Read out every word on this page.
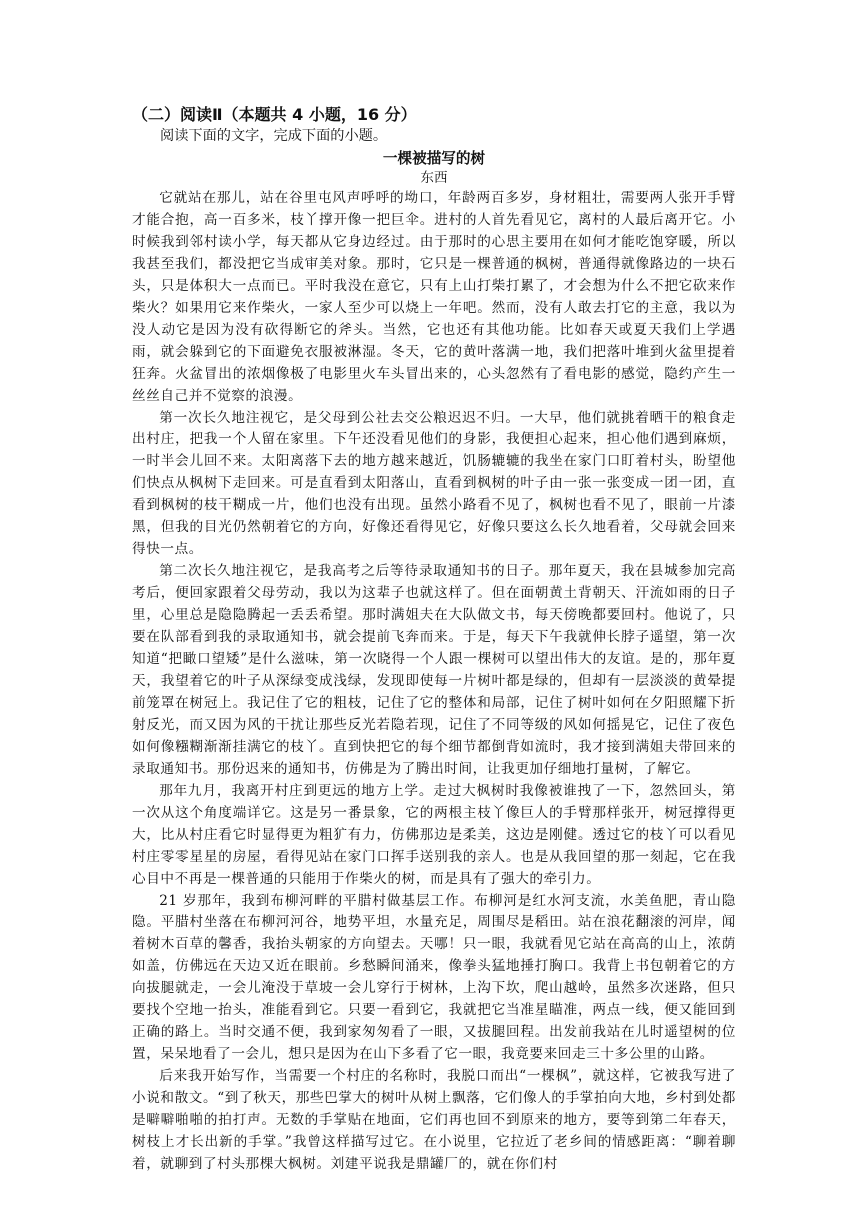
（二）阅读Ⅱ（本题共 4 小题，16 分）

阅读下面的文字，完成下面的小题。

一棵被描写的树

东西

它就站在那儿，站在谷里屯风声呼呼的坳口，年龄两百多岁，身材粗壮，需要两人张开手臂才能合抱，高一百多米，枝丫撑开像一把巨伞。进村的人首先看见它，离村的人最后离开它。小时候我到邻村读小学，每天都从它身边经过。由于那时的心思主要用在如何才能吃饱穿暖，所以我甚至我们，都没把它当成审美对象。那时，它只是一棵普通的枫树，普通得就像路边的一块石头，只是体积大一点而已。平时我没在意它，只有上山打柴打累了，才会想为什么不把它砍来作柴火？如果用它来作柴火，一家人至少可以烧上一年吧。然而，没有人敢去打它的主意，我以为没人动它是因为没有砍得断它的斧头。当然，它也还有其他功能。比如春天或夏天我们上学遇雨，就会躲到它的下面避免衣服被淋湿。冬天，它的黄叶落满一地，我们把落叶堆到火盆里提着狂奔。火盆冒出的浓烟像极了电影里火车头冒出来的，心头忽然有了看电影的感觉，隐约产生一丝丝自己并不觉察的浪漫。

第一次长久地注视它，是父母到公社去交公粮迟迟不归。一大早，他们就挑着晒干的粮食走出村庄，把我一个人留在家里。下午还没看见他们的身影，我便担心起来，担心他们遇到麻烦，一时半会儿回不来。太阳离落下去的地方越来越近，饥肠辘辘的我坐在家门口盯着村头，盼望他们快点从枫树下走回来。可是直看到太阳落山，直看到枫树的叶子由一张一张变成一团一团，直看到枫树的枝干糊成一片，他们也没有出现。虽然小路看不见了，枫树也看不见了，眼前一片漆黑，但我的目光仍然朝着它的方向，好像还看得见它，好像只要这么长久地看着，父母就会回来得快一点。

第二次长久地注视它，是我高考之后等待录取通知书的日子。那年夏天，我在县城参加完高考后，便回家跟着父母劳动，我以为这辈子也就这样了。但在面朝黄土背朝天、汗流如雨的日子里，心里总是隐隐腾起一丢丢希望。那时满姐夫在大队做文书，每天傍晚都要回村。他说了，只要在队部看到我的录取通知书，就会提前飞奔而来。于是，每天下午我就伸长脖子遥望，第一次知道“把瞰口望矮”是什么滋味，第一次晓得一个人跟一棵树可以望出伟大的友谊。是的，那年夏天，我望着它的叶子从深绿变成浅绿，发现即使每一片树叶都是绿的，但却有一层淡淡的黄晕提前笼罩在树冠上。我记住了它的粗枝，记住了它的整体和局部，记住了树叶如何在夕阳照耀下折射反光，而又因为风的干扰让那些反光若隐若现，记住了不同等级的风如何摇晃它，记住了夜色如何像糨糊渐渐挂满它的枝丫。直到快把它的每个细节都倒背如流时，我才接到满姐夫带回来的录取通知书。那份迟来的通知书，仿佛是为了腾出时间，让我更加仔细地打量树，了解它。

那年九月，我离开村庄到更远的地方上学。走过大枫树时我像被谁拽了一下，忽然回头，第一次从这个角度端详它。这是另一番景象，它的两根主枝丫像巨人的手臂那样张开，树冠撑得更大，比从村庄看它时显得更为粗犷有力，仿佛那边是柔美，这边是刚健。透过它的枝丫可以看见村庄零零星星的房屋，看得见站在家门口挥手送别我的亲人。也是从我回望的那一刻起，它在我心目中不再是一棵普通的只能用于作柴火的树，而是具有了强大的牵引力。

21 岁那年，我到布柳河畔的平腊村做基层工作。布柳河是红水河支流，水美鱼肥，青山隐隐。平腊村坐落在布柳河河谷，地势平坦，水量充足，周围尽是稻田。站在浪花翻滚的河岸，闻着树木百草的馨香，我抬头朝家的方向望去。天哪！只一眼，我就看见它站在高高的山上，浓荫如盖，仿佛远在天边又近在眼前。乡愁瞬间涌来，像拳头猛地捶打胸口。我背上书包朝着它的方向拔腿就走，一会儿淹没于草坡一会儿穿行于树林，上沟下坎，爬山越岭，虽然多次迷路，但只要找个空地一抬头，准能看到它。只要一看到它，我就把它当准星瞄准，两点一线，便又能回到正确的路上。当时交通不便，我到家匆匆看了一眼，又拔腿回程。出发前我站在儿时遥望树的位置，呆呆地看了一会儿，想只是因为在山下多看了它一眼，我竟要来回走三十多公里的山路。

后来我开始写作，当需要一个村庄的名称时，我脱口而出“一棵枫”，就这样，它被我写进了小说和散文。“到了秋天，那些巴掌大的树叶从树上飘落，它们像人的手掌拍向大地，乡村到处都是噼噼啪啪的拍打声。无数的手掌贴在地面，它们再也回不到原来的地方，要等到第二年春天，树枝上才长出新的手掌。”我曾这样描写过它。在小说里，它拉近了老乡间的情感距离：“聊着聊着，就聊到了村头那棵大枫树。刘建平说我是鼎罐厂的，就在你们村
